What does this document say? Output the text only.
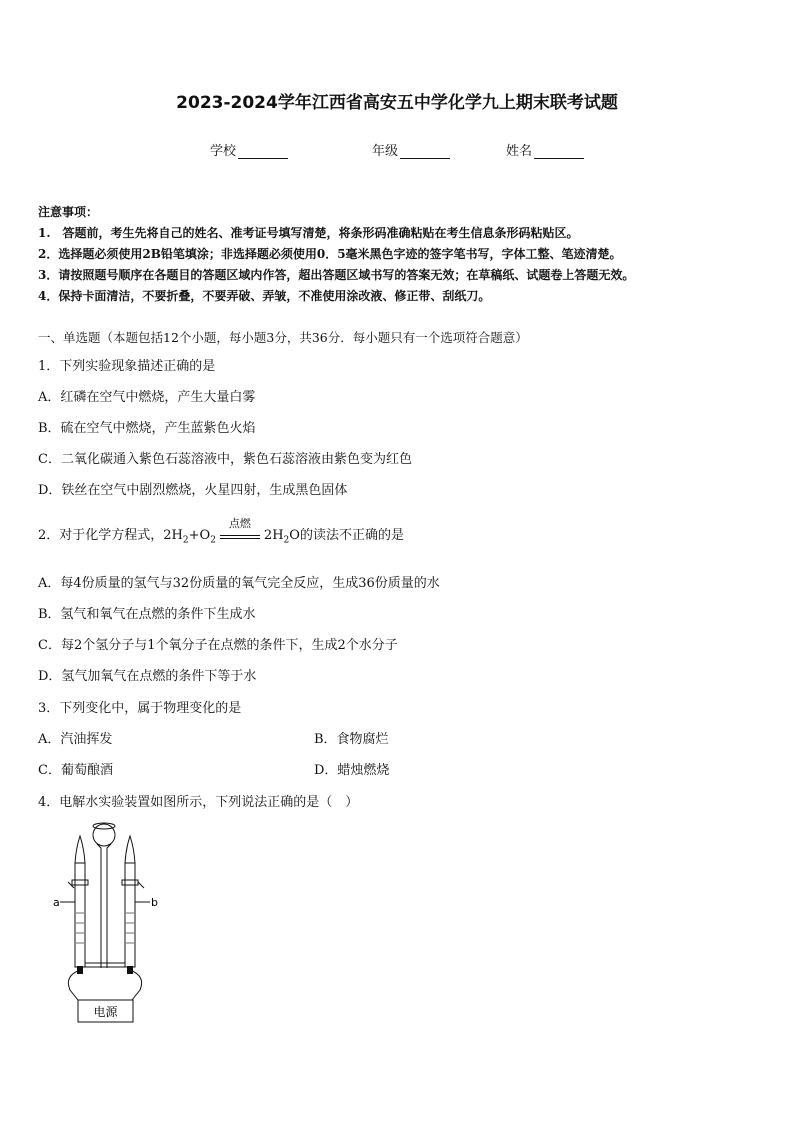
2023-2024学年江西省高安五中学化学九上期末联考试题
学校	年级	姓名
注意事项：
1.　答题前，考生先将自己的姓名、准考证号填写清楚，将条形码准确粘贴在考生信息条形码粘贴区。
2．选择题必须使用2B铅笔填涂；非选择题必须使用0．5毫米黑色字迹的签字笔书写，字体工整、笔迹清楚。
3．请按照题号顺序在各题目的答题区域内作答，超出答题区域书写的答案无效；在草稿纸、试题卷上答题无效。
4．保持卡面清洁，不要折叠，不要弄破、弄皱，不准使用涂改液、修正带、刮纸刀。
一、单选题（本题包括12个小题，每小题3分，共36分．每小题只有一个选项符合题意）
1．下列实验现象描述正确的是
A．红磷在空气中燃烧，产生大量白雾
B．硫在空气中燃烧，产生蓝紫色火焰
C．二氧化碳通入紫色石蕊溶液中，紫色石蕊溶液由紫色变为红色
D．铁丝在空气中剧烈燃烧，火星四射，生成黑色固体
2．对于化学方程式，$2H_2+O_2$
点燃
$2H_2O$的读法不正确的是
A．每4份质量的氢气与32份质量的氧气完全反应，生成36份质量的水
B．氢气和氧气在点燃的条件下生成水
C．每2个氢分子与1个氧分子在点燃的条件下，生成2个水分子
D．氢气加氧气在点燃的条件下等于水
3．下列变化中，属于物理变化的是
A．汽油挥发	B．食物腐烂
C．葡萄酿酒	D．蜡烛燃烧
4．电解水实验装置如图所示，下列说法正确的是（　）
a	b
电源
